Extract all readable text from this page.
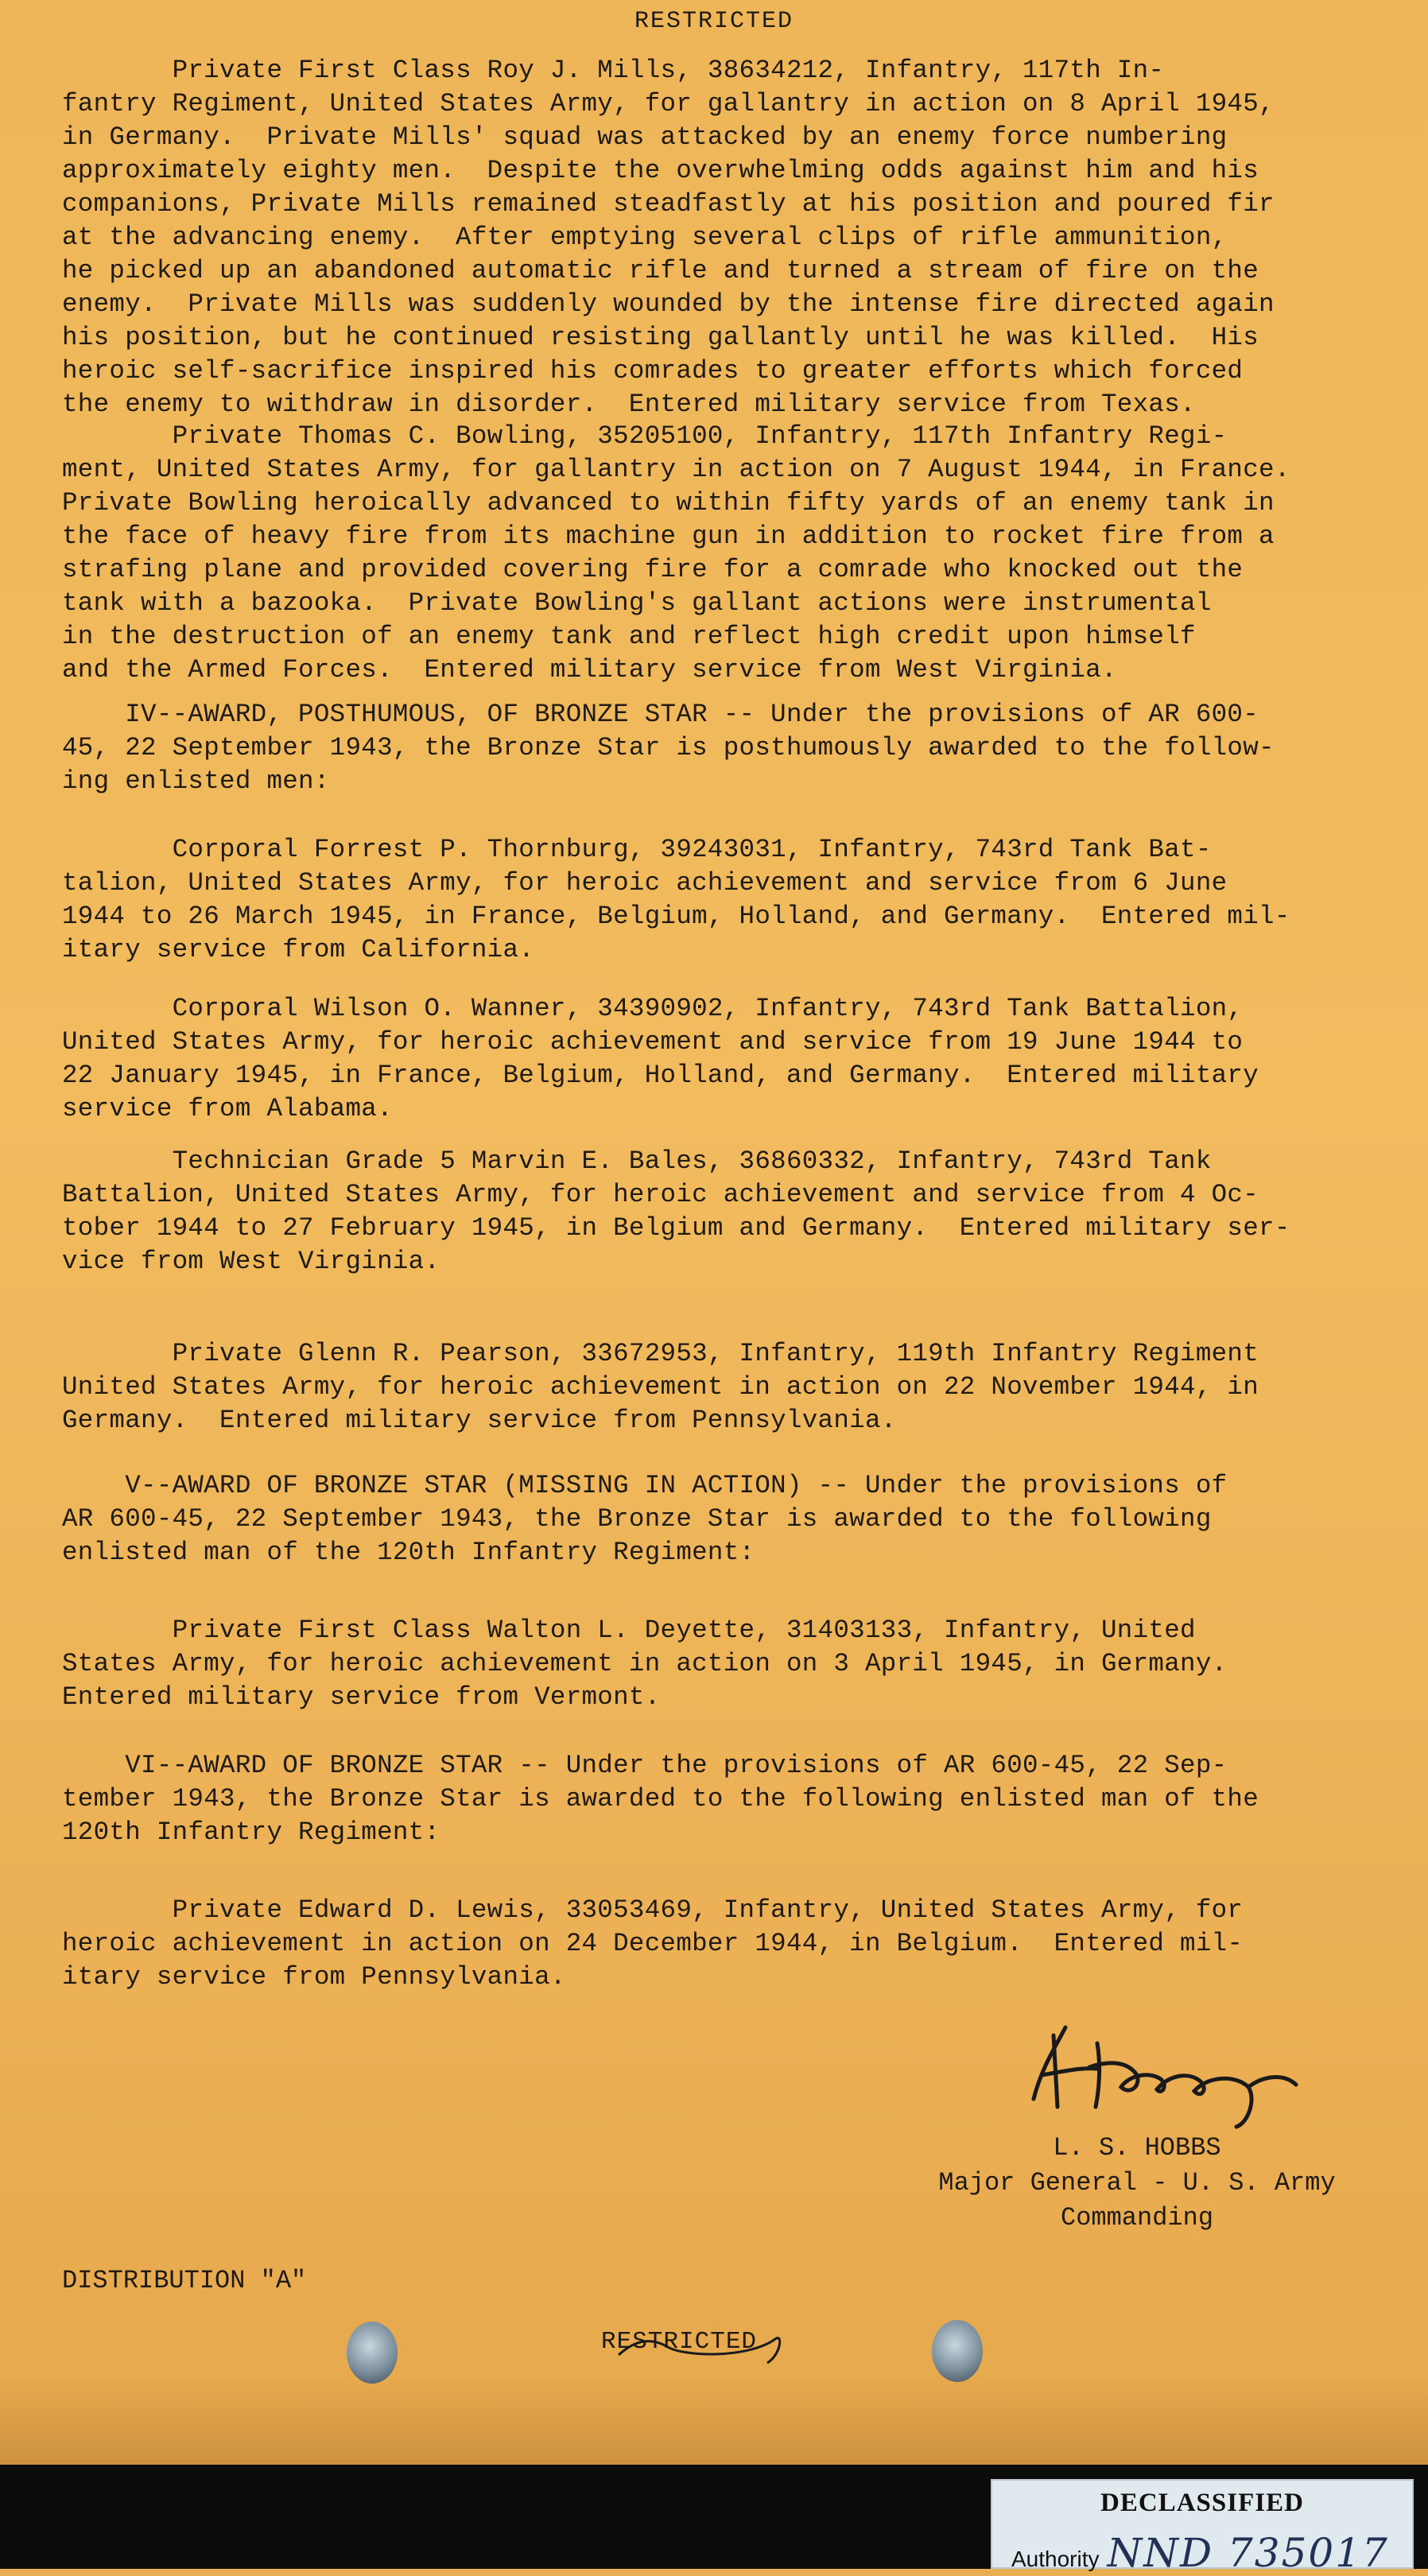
RESTRICTED
Private First Class Roy J. Mills, 38634212, Infantry, 117th In-
fantry Regiment, United States Army, for gallantry in action on 8 April 1945,
in Germany.  Private Mills' squad was attacked by an enemy force numbering
approximately eighty men.  Despite the overwhelming odds against him and his
companions, Private Mills remained steadfastly at his position and poured fir
at the advancing enemy.  After emptying several clips of rifle ammunition,
he picked up an abandoned automatic rifle and turned a stream of fire on the
enemy.  Private Mills was suddenly wounded by the intense fire directed again
his position, but he continued resisting gallantly until he was killed.  His
heroic self-sacrifice inspired his comrades to greater efforts which forced
the enemy to withdraw in disorder.  Entered military service from Texas.
Private Thomas C. Bowling, 35205100, Infantry, 117th Infantry Regi-
ment, United States Army, for gallantry in action on 7 August 1944, in France.
Private Bowling heroically advanced to within fifty yards of an enemy tank in
the face of heavy fire from its machine gun in addition to rocket fire from a
strafing plane and provided covering fire for a comrade who knocked out the
tank with a bazooka.  Private Bowling's gallant actions were instrumental
in the destruction of an enemy tank and reflect high credit upon himself
and the Armed Forces.  Entered military service from West Virginia.
IV--AWARD, POSTHUMOUS, OF BRONZE STAR -- Under the provisions of AR 600-
45, 22 September 1943, the Bronze Star is posthumously awarded to the follow-
ing enlisted men:
Corporal Forrest P. Thornburg, 39243031, Infantry, 743rd Tank Bat-
talion, United States Army, for heroic achievement and service from 6 June
1944 to 26 March 1945, in France, Belgium, Holland, and Germany.  Entered mil-
itary service from California.
Corporal Wilson O. Wanner, 34390902, Infantry, 743rd Tank Battalion,
United States Army, for heroic achievement and service from 19 June 1944 to
22 January 1945, in France, Belgium, Holland, and Germany.  Entered military
service from Alabama.
Technician Grade 5 Marvin E. Bales, 36860332, Infantry, 743rd Tank
Battalion, United States Army, for heroic achievement and service from 4 Oc-
tober 1944 to 27 February 1945, in Belgium and Germany.  Entered military ser-
vice from West Virginia.
Private Glenn R. Pearson, 33672953, Infantry, 119th Infantry Regiment
United States Army, for heroic achievement in action on 22 November 1944, in
Germany.  Entered military service from Pennsylvania.
V--AWARD OF BRONZE STAR (MISSING IN ACTION) -- Under the provisions of
AR 600-45, 22 September 1943, the Bronze Star is awarded to the following
enlisted man of the 120th Infantry Regiment:
Private First Class Walton L. Deyette, 31403133, Infantry, United
States Army, for heroic achievement in action on 3 April 1945, in Germany.
Entered military service from Vermont.
VI--AWARD OF BRONZE STAR -- Under the provisions of AR 600-45, 22 Sep-
tember 1943, the Bronze Star is awarded to the following enlisted man of the
120th Infantry Regiment:
Private Edward D. Lewis, 33053469, Infantry, United States Army, for
heroic achievement in action on 24 December 1944, in Belgium.  Entered mil-
itary service from Pennsylvania.
L. S. HOBBS
Major General - U. S. Army
Commanding
DISTRIBUTION "A"
RESTRICTED
DECLASSIFIED
Authority NND 735017
